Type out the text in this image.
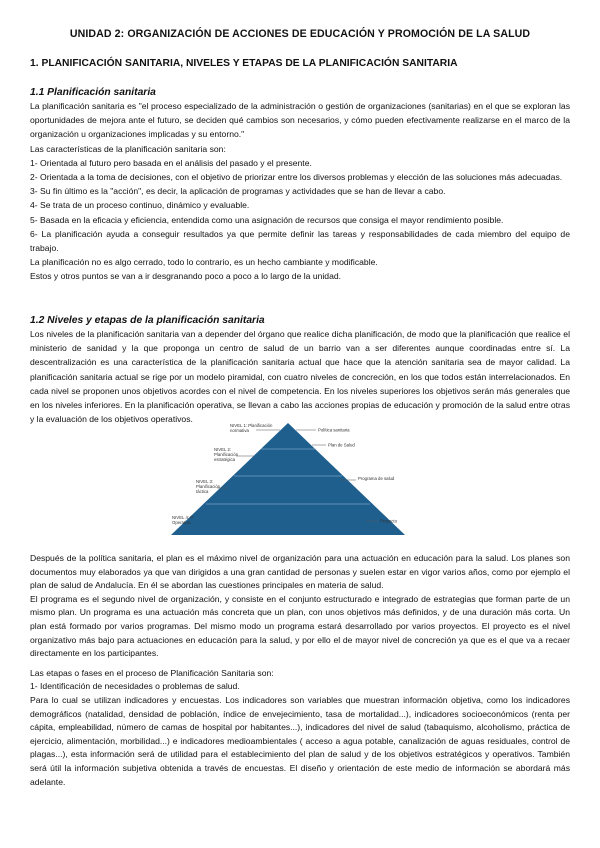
UNIDAD 2: ORGANIZACIÓN DE ACCIONES DE EDUCACIÓN Y PROMOCIÓN DE LA SALUD
1. PLANIFICACIÓN SANITARIA, NIVELES Y ETAPAS DE LA PLANIFICACIÓN SANITARIA
1.1 Planificación sanitaria

La planificación sanitaria es "el proceso especializado de la administración o gestión de organizaciones (sanitarias) en el que se exploran las oportunidades de mejora ante el futuro, se deciden qué cambios son necesarios, y cómo pueden efectivamente realizarse en el marco de la organización u organizaciones implicadas y su entorno."

Las características de la planificación sanitaria son:

1- Orientada al futuro pero basada en el análisis del pasado y el presente.

2- Orientada a la toma de decisiones, con el objetivo de priorizar entre los diversos problemas y elección de las soluciones más adecuadas.

3- Su fin último es la "acción", es decir, la aplicación de programas y actividades que se han de llevar a cabo.

4- Se trata de un proceso continuo, dinámico y evaluable.

5- Basada en la eficacia y eficiencia, entendida como una asignación de recursos que consiga el mayor rendimiento posible.

6- La planificación ayuda a conseguir resultados ya que permite definir las tareas y responsabilidades de cada miembro del equipo de trabajo.

La planificación no es algo cerrado, todo lo contrario, es un hecho cambiante y modificable.

Estos y otros puntos se van a ir desgranando poco a poco a lo largo de la unidad.

1.2 Niveles y etapas de la planificación sanitaria
Los niveles de la planificación sanitaria van a depender del órgano que realice dicha planificación, de modo que la planificación que realice el ministerio de sanidad y la que proponga un centro de salud de un barrio van a ser diferentes aunque coordinadas entre sí. La descentralización es una característica de la planificación sanitaria actual que hace que la atención sanitaria sea de mayor calidad. La planificación sanitaria actual se rige por un modelo piramidal, con cuatro niveles de concreción, en los que todos están interrelacionados. En cada nivel se proponen unos objetivos acordes con el nivel de competencia. En los niveles superiores los objetivos serán más generales que en los niveles inferiores. En la planificación operativa, se llevan a cabo las acciones propias de educación y promoción de la salud entre otras y la evaluación de los objetivos operativos.
Política sanitaria
Plan de Salud
Programa de salud
Proyecto
NIVEL 1: Planificación
normativa
NIVEL 2:
Planificación
estratégica
NIVEL 3:
Planificación
táctica
NIVEL 4: P
Operativa

Después de la política sanitaria, el plan es el máximo nivel de organización para una actuación en educación para la salud. Los planes son documentos muy elaborados ya que van dirigidos a una gran cantidad de personas y suelen estar en vigor varios años, como por ejemplo el plan de salud de Andalucía. En él se abordan las cuestiones principales en materia de salud.

El programa es el segundo nivel de organización, y consiste en el conjunto estructurado e integrado de estrategias que forman parte de un mismo plan. Un programa es una actuación más concreta que un plan, con unos objetivos más definidos, y de una duración más corta. Un plan está formado por varios programas. Del mismo modo un programa estará desarrollado por varios proyectos. El proyecto es el nivel organizativo más bajo para actuaciones en educación para la salud, y por ello el de mayor nivel de concreción ya que es el que va a recaer directamente en los participantes.

Las etapas o fases en el proceso de Planificación Sanitaria son:

1- Identificación de necesidades o problemas de salud.

Para lo cual se utilizan indicadores y encuestas. Los indicadores son variables que muestran información objetiva, como los indicadores demográficos (natalidad, densidad de población, índice de envejecimiento, tasa de mortalidad...), indicadores socioeconómicos (renta per cápita, empleabilidad, número de camas de hospital por habitantes...), indicadores del nivel de salud (tabaquismo, alcoholismo, práctica de ejercicio, alimentación, morbilidad...) e indicadores medioambientales ( acceso a agua potable, canalización de aguas residuales, control de plagas...), esta información será de utilidad para el establecimiento del plan de salud y de los objetivos estratégicos y operativos. También será útil la información subjetiva obtenida a través de encuestas. El diseño y orientación de este medio de información se abordará más adelante.
